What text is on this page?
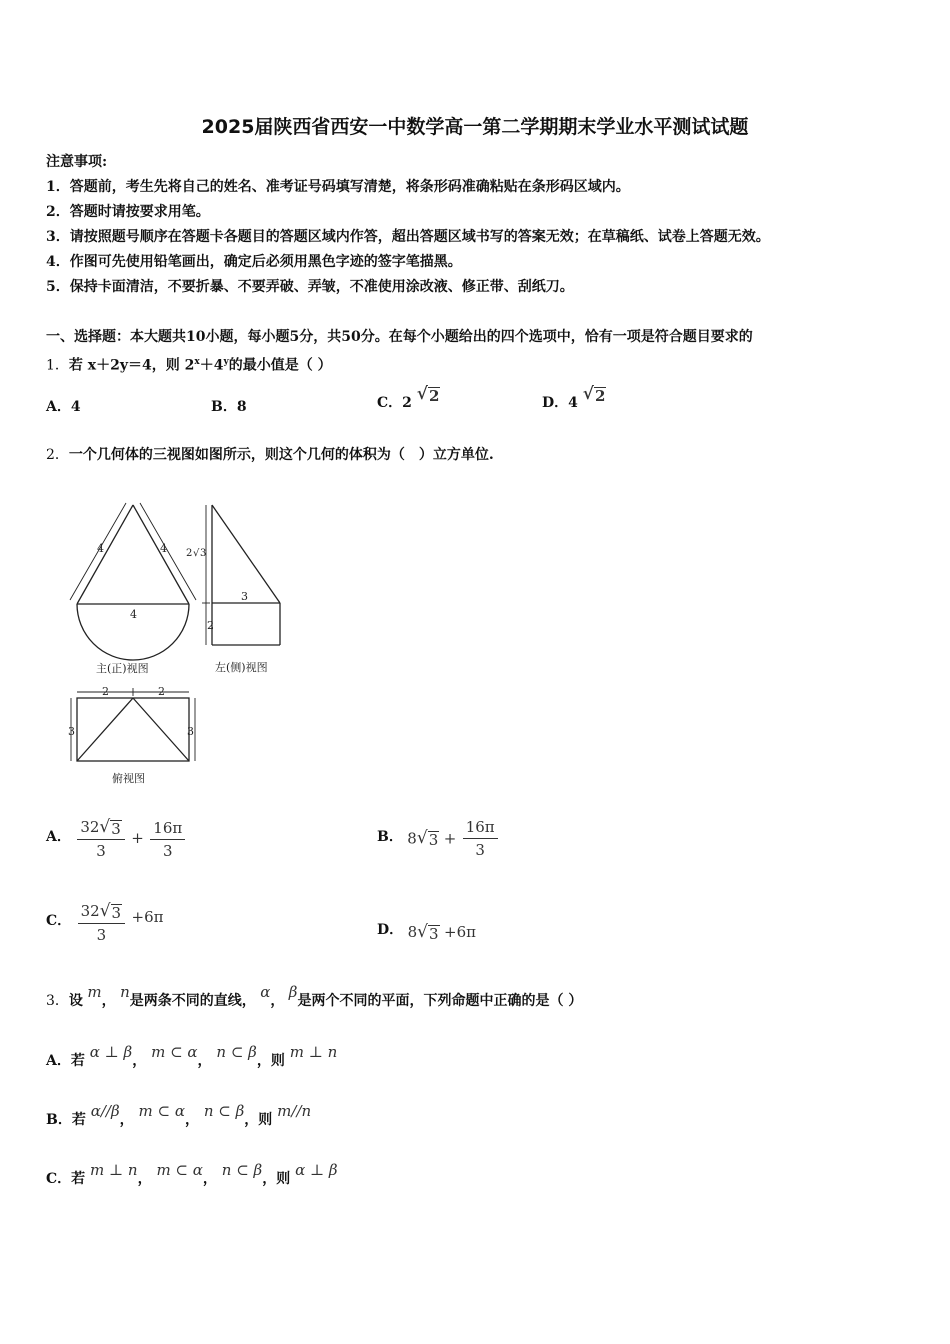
2025届陕西省西安一中数学高一第二学期期末学业水平测试试题
注意事项:
1．答题前，考生先将自己的姓名、准考证号码填写清楚，将条形码准确粘贴在条形码区域内。
2．答题时请按要求用笔。
3．请按照题号顺序在答题卡各题目的答题区域内作答，超出答题区域书写的答案无效；在草稿纸、试卷上答题无效。
4．作图可先使用铅笔画出，确定后必须用黑色字迹的签字笔描黑。
5．保持卡面清洁，不要折暴、不要弄破、弄皱，不准使用涂改液、修正带、刮纸刀。
一、选择题：本大题共10小题，每小题5分，共50分。在每个小题给出的四个选项中，恰有一项是符合题目要求的
1．若 x＋2y＝4，则 $2^x+4^y$的最小值是（ ）
A．4	B．8	C．2 √ 2	D．4 √ 2
2．一个几何体的三视图如图所示，则这个几何的体积为（　）立方单位.
4	4
4
主(正)视图
2 √ 3
3
2
左(侧)视图
2	2
3	3
俯视图
A． $\frac{32 √ 3}{3} + \frac{16\pi}{3}$	B． 8 √ $3 + \frac{16\pi}{3}$
C． $\frac{32 √ 3}{3} +6\pi$
D． 8 √ 3 +6π
3．设 m， n是两条不同的直线， α， β是两个不同的平面，下列命题中正确的是（ ）
A．若 α ⊥ β， m ⊂ α， n ⊂ β，则 m ⊥ n
B．若 α//β， m ⊂ α， n ⊂ β，则 m//n
C．若 m ⊥ n， m ⊂ α， n ⊂ β，则 α ⊥ β
